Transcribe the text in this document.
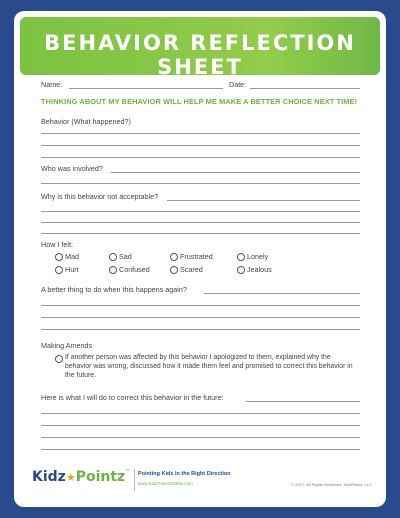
BEHAVIOR REFLECTION SHEET
Name:	Date:
THINKING ABOUT MY BEHAVIOR WILL HELP ME MAKE A BETTER CHOICE NEXT TIME!
Behavior (What happened?)
Who was involved?
Why is this behavior not acceptable?
How I felt:
Mad	Sad	Frustrated	Lonely
Hurt	Confused	Scared	Jealous
A better thing to do when this happens again?
Making Amends
If another person was affected by this behavior I apologized to them, explained why the behavior was wrong, discussed how it made them feel and promised to correct this behavior in the future.
Here is what I will do to correct this behavior in the future:
Kidz★Pointz™ Pointing Kids in the Right Direction
www.KidzPointzOnline.com	© 2017, All Rights Reserved, KidzPointz, LLC
